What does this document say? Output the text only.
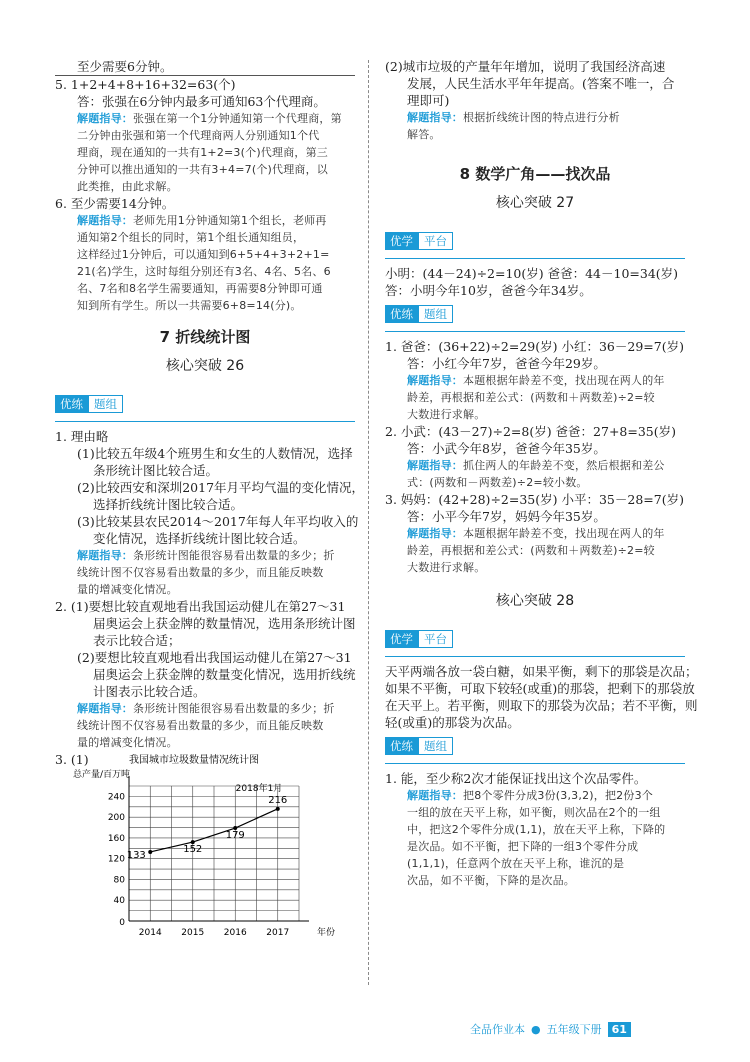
至少需要6分钟。
5. 1+2+4+8+16+32=63(个)
答：张强在6分钟内最多可通知63个代理商。
解题指导：张强在第一个1分钟通知第一个代理商，第
二分钟由张强和第一个代理商两人分别通知1个代
理商，现在通知的一共有1+2=3(个)代理商，第三
分钟可以推出通知的一共有3+4=7(个)代理商，以
此类推，由此求解。
6. 至少需要14分钟。
解题指导：老师先用1分钟通知第1个组长，老师再
通知第2个组长的同时，第1个组长通知组员，
这样经过1分钟后，可以通知到6+5+4+3+2+1=
21(名)学生，这时每组分别还有3名、4名、5名、6
名、7名和8名学生需要通知，再需要8分钟即可通
知到所有学生。所以一共需要6+8=14(分)。
7 折线统计图
核心突破 26
优练 题组
1. 理由略
(1)比较五年级4个班男生和女生的人数情况，选择
条形统计图比较合适。
(2)比较西安和深圳2017年月平均气温的变化情况，
选择折线统计图比较合适。
(3)比较某县农民2014～2017年每人年平均收入的
变化情况，选择折线统计图比较合适。
解题指导：条形统计图能很容易看出数量的多少；折
线统计图不仅容易看出数量的多少，而且能反映数
量的增减变化情况。
2. (1)要想比较直观地看出我国运动健儿在第27～31
届奥运会上获金牌的数量情况，选用条形统计图
表示比较合适；
(2)要想比较直观地看出我国运动健儿在第27～31
届奥运会上获金牌的数量变化情况，选用折线统
计图表示比较合适。
解题指导：条形统计图能很容易看出数量的多少；折
线统计图不仅容易看出数量的多少，而且能反映数
量的增减变化情况。
3. (1)	我国城市垃圾数量情况统计图
总产量/百万吨
2018年1月
40
80
120
160
200
240
0
2014 2015 2016 2017	年份
133
152
179
216
(2)城市垃圾的产量年年增加，说明了我国经济高速
发展，人民生活水平年年提高。(答案不唯一，合
理即可)
解题指导：根据折线统计图的特点进行分析
解答。
8 数学广角——找次品
核心突破 27
优学 平台
小明：(44－24)÷2=10(岁) 爸爸：44－10=34(岁)
答：小明今年10岁，爸爸今年34岁。
优练 题组
1. 爸爸：(36+22)÷2=29(岁) 小红：36－29=7(岁)
答：小红今年7岁，爸爸今年29岁。
解题指导：本题根据年龄差不变，找出现在两人的年
龄差，再根据和差公式：(两数和＋两数差)÷2=较
大数进行求解。
2. 小武：(43－27)÷2=8(岁) 爸爸：27+8=35(岁)
答：小武今年8岁，爸爸今年35岁。
解题指导：抓住两人的年龄差不变，然后根据和差公
式：(两数和－两数差)÷2=较小数。
3. 妈妈：(42+28)÷2=35(岁) 小平：35－28=7(岁)
答：小平今年7岁，妈妈今年35岁。
解题指导：本题根据年龄差不变，找出现在两人的年
龄差，再根据和差公式：(两数和＋两数差)÷2=较
大数进行求解。
核心突破 28
优学 平台
天平两端各放一袋白糖，如果平衡，剩下的那袋是次品；
如果不平衡，可取下较轻(或重)的那袋，把剩下的那袋放
在天平上。若平衡，则取下的那袋为次品；若不平衡，则
轻(或重)的那袋为次品。
优练 题组
1. 能，至少称2次才能保证找出这个次品零件。
解题指导：把8个零件分成3份(3,3,2)，把2份3个
一组的放在天平上称，如平衡，则次品在2个的一组
中，把这2个零件分成(1,1)，放在天平上称，下降的
是次品。如不平衡，把下降的一组3个零件分成
(1,1,1)，任意两个放在天平上称，谁沉的是
次品，如不平衡，下降的是次品。
全品作业本 ● 五年级下册 61
